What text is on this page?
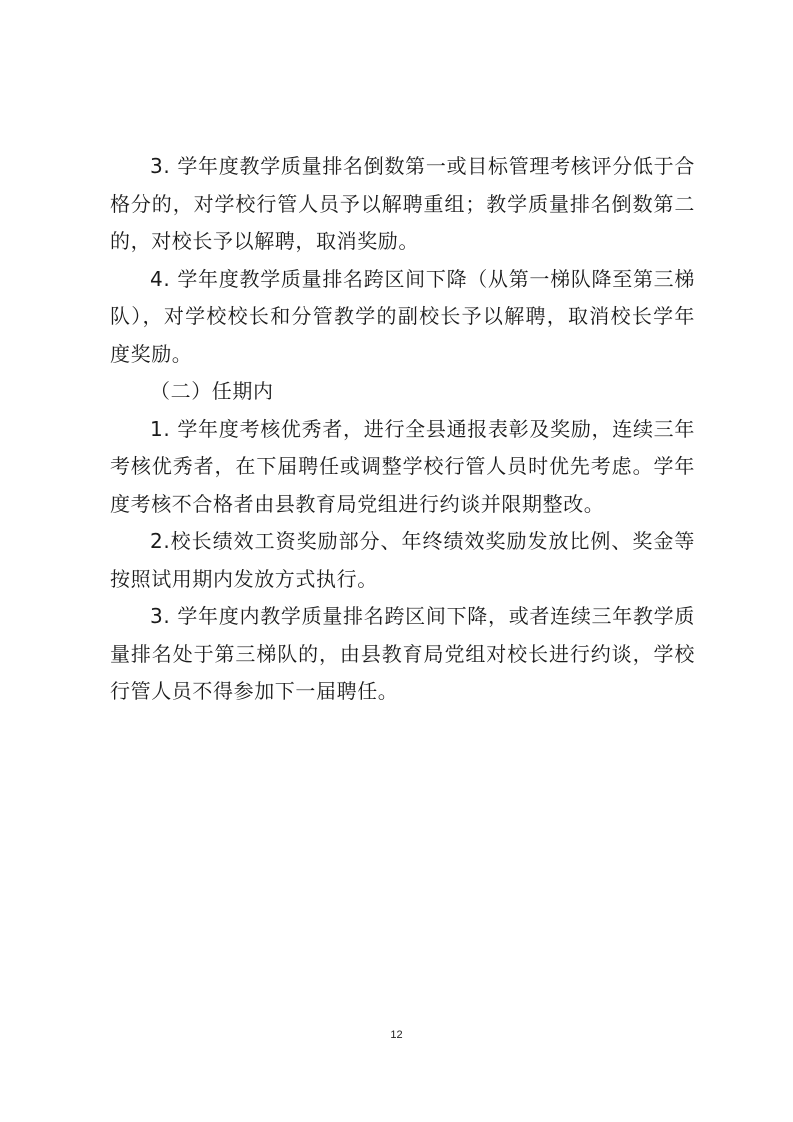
3. 学年度教学质量排名倒数第一或目标管理考核评分低于合格分的，对学校行管人员予以解聘重组；教学质量排名倒数第二的，对校长予以解聘，取消奖励。

4. 学年度教学质量排名跨区间下降（从第一梯队降至第三梯队），对学校校长和分管教学的副校长予以解聘，取消校长学年度奖励。

（二）任期内

1. 学年度考核优秀者，进行全县通报表彰及奖励，连续三年考核优秀者，在下届聘任或调整学校行管人员时优先考虑。学年度考核不合格者由县教育局党组进行约谈并限期整改。

2.校长绩效工资奖励部分、年终绩效奖励发放比例、奖金等按照试用期内发放方式执行。

3. 学年度内教学质量排名跨区间下降，或者连续三年教学质量排名处于第三梯队的，由县教育局党组对校长进行约谈，学校行管人员不得参加下一届聘任。

12
